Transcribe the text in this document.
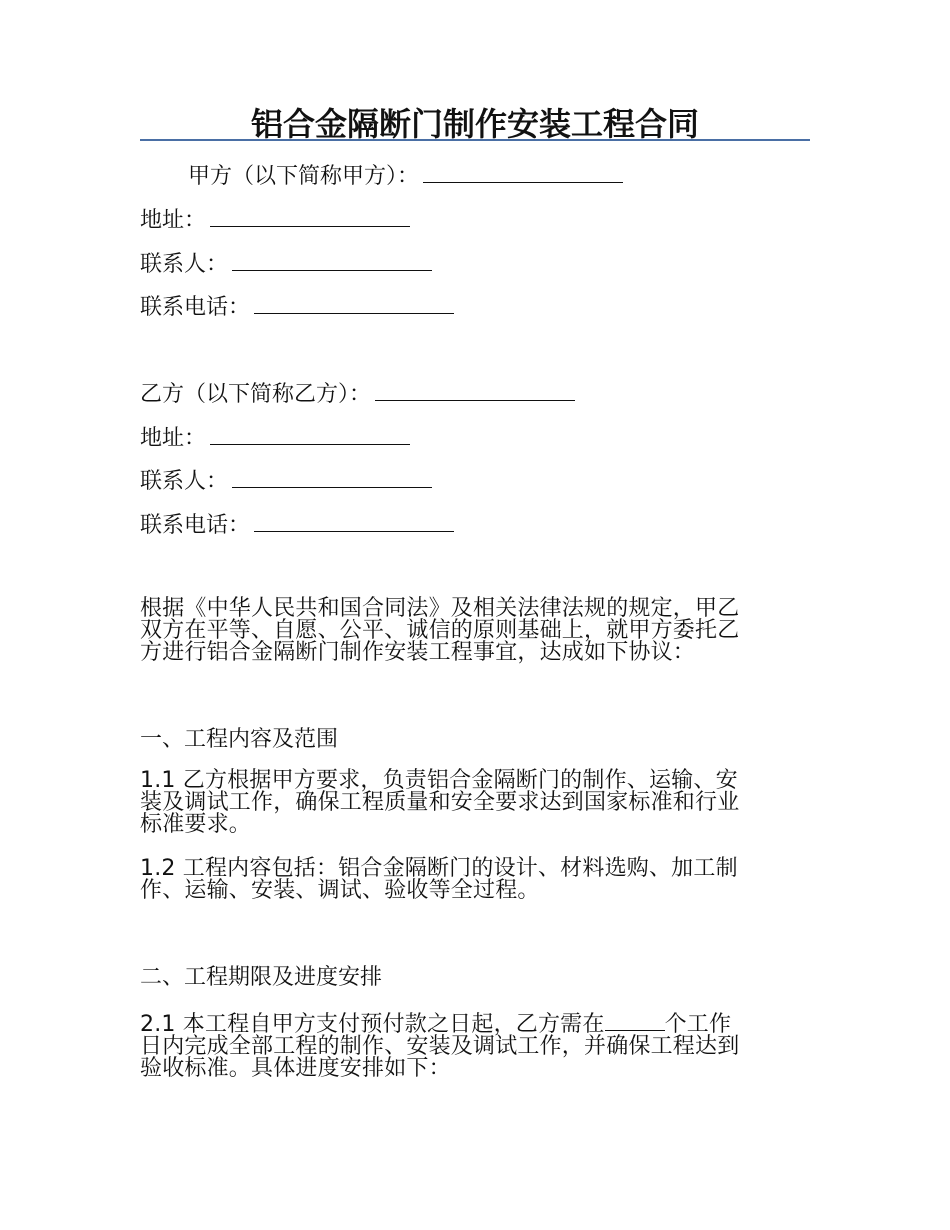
铝合金隔断门制作安装工程合同
甲方（以下简称甲方）：
地址：
联系人：
联系电话：
乙方（以下简称乙方）：
地址：
联系人：
联系电话：
根据《中华人民共和国合同法》及相关法律法规的规定，甲乙
双方在平等、自愿、公平、诚信的原则基础上，就甲方委托乙
方进行铝合金隔断门制作安装工程事宜，达成如下协议：
一、工程内容及范围
1.1 乙方根据甲方要求，负责铝合金隔断门的制作、运输、安
装及调试工作，确保工程质量和安全要求达到国家标准和行业
标准要求。
1.2 工程内容包括：铝合金隔断门的设计、材料选购、加工制
作、运输、安装、调试、验收等全过程。
二、工程期限及进度安排
2.1 本工程自甲方支付预付款之日起，乙方需在	个工作
日内完成全部工程的制作、安装及调试工作，并确保工程达到
验收标准。具体进度安排如下：
